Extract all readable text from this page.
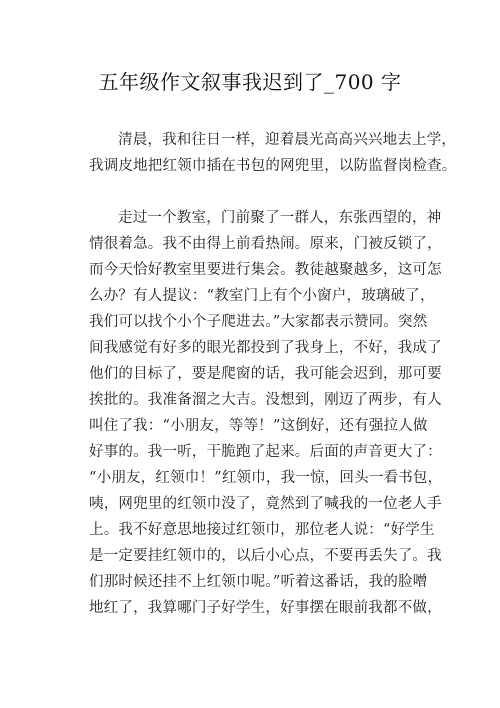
五年级作文叙事我迟到了_700 字
清晨，我和往日一样，迎着晨光高高兴兴地去上学，
我调皮地把红领巾插在书包的网兜里，以防监督岗检查。
走过一个教室，门前聚了一群人，东张西望的，神
情很着急。我不由得上前看热闹。原来，门被反锁了，
而今天恰好教室里要进行集会。教徒越聚越多，这可怎
么办？有人提议：“教室门上有个小窗户，玻璃破了，
我们可以找个小个子爬进去。”大家都表示赞同。突然
间我感觉有好多的眼光都投到了我身上，不好，我成了
他们的目标了，要是爬窗的话，我可能会迟到，那可要
挨批的。我准备溜之大吉。没想到，刚迈了两步，有人
叫住了我：“小朋友，等等！”这倒好，还有强拉人做
好事的。我一听，干脆跑了起来。后面的声音更大了：
“小朋友，红领巾！”红领巾，我一惊，回头一看书包，
咦，网兜里的红领巾没了，竟然到了喊我的一位老人手
上。我不好意思地接过红领巾，那位老人说：“好学生
是一定要挂红领巾的，以后小心点，不要再丢失了。我
们那时候还挂不上红领巾呢。”听着这番话，我的脸噌
地红了，我算哪门子好学生，好事摆在眼前我都不做，
